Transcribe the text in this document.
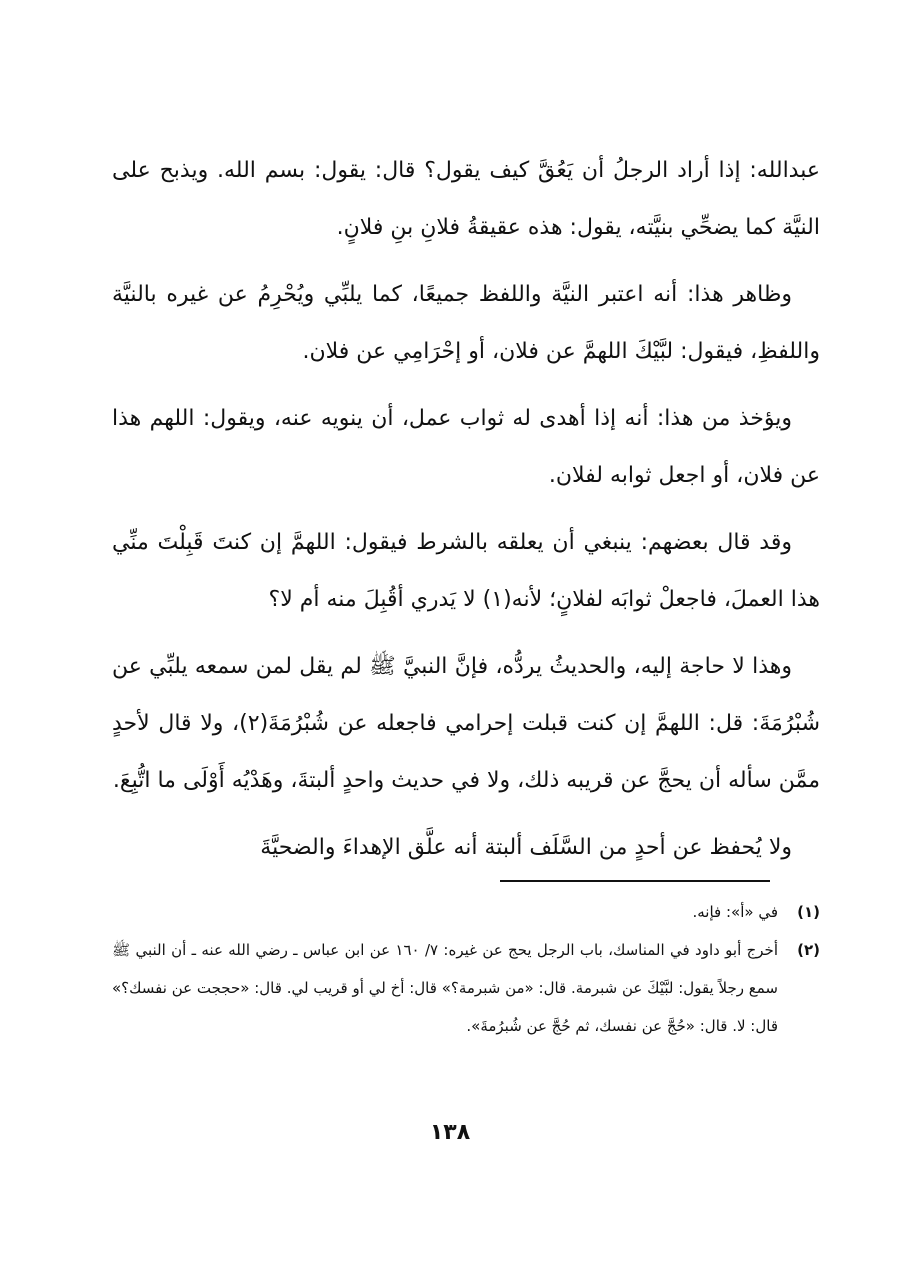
عبدالله: إذا أراد الرجلُ أن يَعُقَّ كيف يقول؟ قال: يقول: بسم الله. ويذبح على النيَّة كما يضحِّي بنيَّته، يقول: هذه عقيقةُ فلانِ بنِ فلانٍ.

وظاهر هذا: أنه اعتبر النيَّة واللفظ جميعًا، كما يلبِّي ويُحْرِمُ عن غيره بالنيَّة واللفظِ، فيقول: لبَّيْكَ اللهمَّ عن فلان، أو إحْرَامِي عن فلان.

ويؤخذ من هذا: أنه إذا أهدى له ثواب عمل، أن ينويه عنه، ويقول: اللهم هذا عن فلان، أو اجعل ثوابه لفلان.

وقد قال بعضهم: ينبغي أن يعلقه بالشرط فيقول: اللهمَّ إن كنتَ قَبِلْتَ منِّي هذا العملَ، فاجعلْ ثوابَه لفلانٍ؛ لأنه(١) لا يَدري أقُبِلَ منه أم لا؟

وهذا لا حاجة إليه، والحديثُ يردُّه، فإنَّ النبيَّ ﷺ لم يقل لمن سمعه يلبِّي عن شُبْرُمَةَ: قل: اللهمَّ إن كنت قبلت إحرامي فاجعله عن شُبْرُمَةَ(٢)، ولا قال لأحدٍ ممَّن سأله أن يحجَّ عن قريبه ذلك، ولا في حديث واحدٍ ألبتةَ، وهَدْيُه أَوْلَى ما اتُّبِعَ.

ولا يُحفظ عن أحدٍ من السَّلَف ألبتة أنه علَّق الإهداءَ والضحيَّةَ

(١)
في «أ»: فإنه.

(٢)
أخرج أبو داود في المناسك، باب الرجل يحج عن غيره: ٧/ ١٦٠ عن ابن عباس ـ رضي الله عنه ـ أن النبي ﷺ سمع رجلاً يقول: لبَّيْكَ عن شبرمة. قال: «من شبرمة؟» قال: أخ لي أو قريب لي. قال: «حججت عن نفسك؟» قال: لا. قال: «حُجَّ عن نفسك، ثم حُجَّ عن شُبرُمةَ».

١٣٨
